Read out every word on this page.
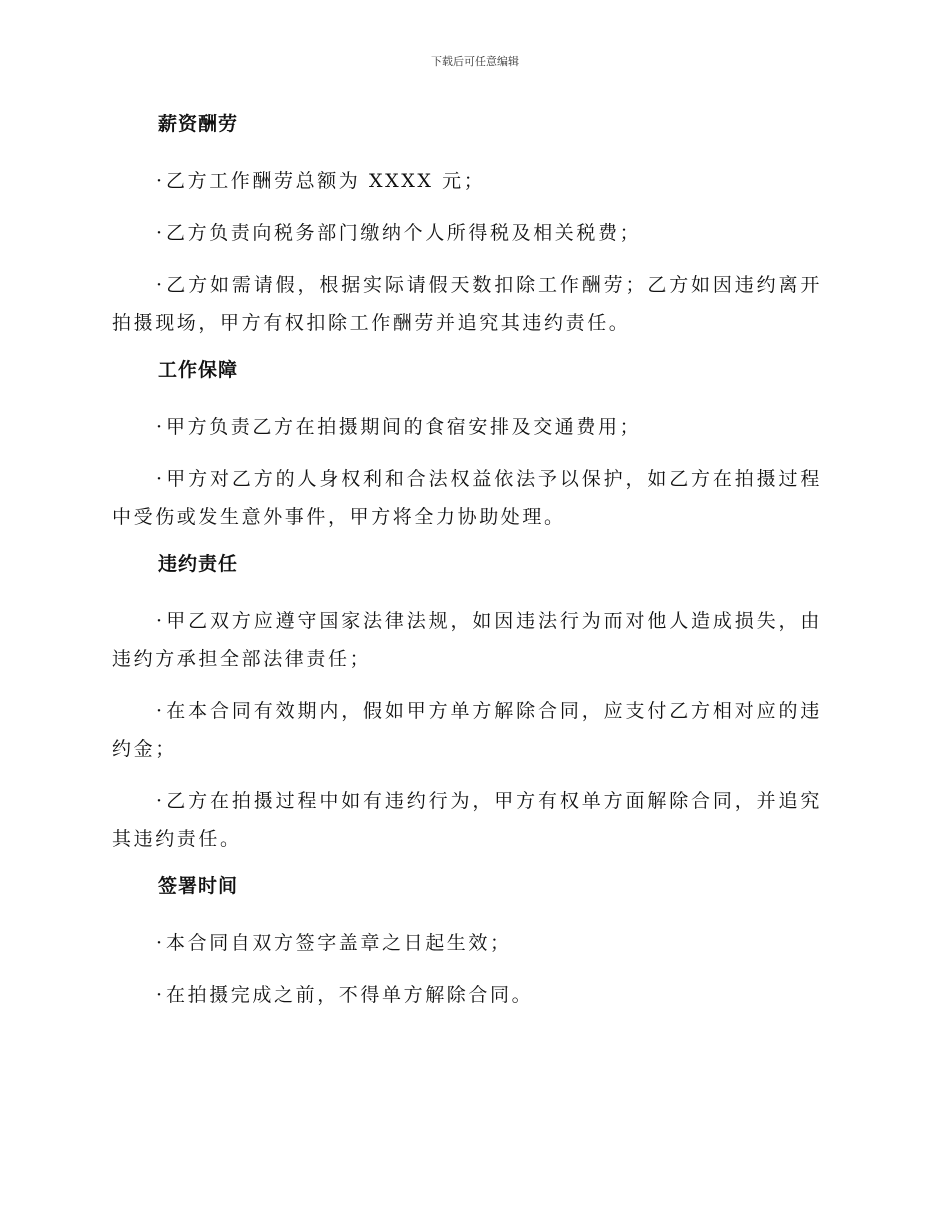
下载后可任意编辑
薪资酬劳
·乙方工作酬劳总额为 XXXX 元；
·乙方负责向税务部门缴纳个人所得税及相关税费；
·乙方如需请假，根据实际请假天数扣除工作酬劳；乙方如因违约离开拍摄现场，甲方有权扣除工作酬劳并追究其违约责任。
工作保障
·甲方负责乙方在拍摄期间的食宿安排及交通费用；
·甲方对乙方的人身权利和合法权益依法予以保护，如乙方在拍摄过程中受伤或发生意外事件，甲方将全力协助处理。
违约责任
·甲乙双方应遵守国家法律法规，如因违法行为而对他人造成损失，由违约方承担全部法律责任；
·在本合同有效期内，假如甲方单方解除合同，应支付乙方相对应的违约金；
·乙方在拍摄过程中如有违约行为，甲方有权单方面解除合同，并追究其违约责任。
签署时间
·本合同自双方签字盖章之日起生效；
·在拍摄完成之前，不得单方解除合同。
